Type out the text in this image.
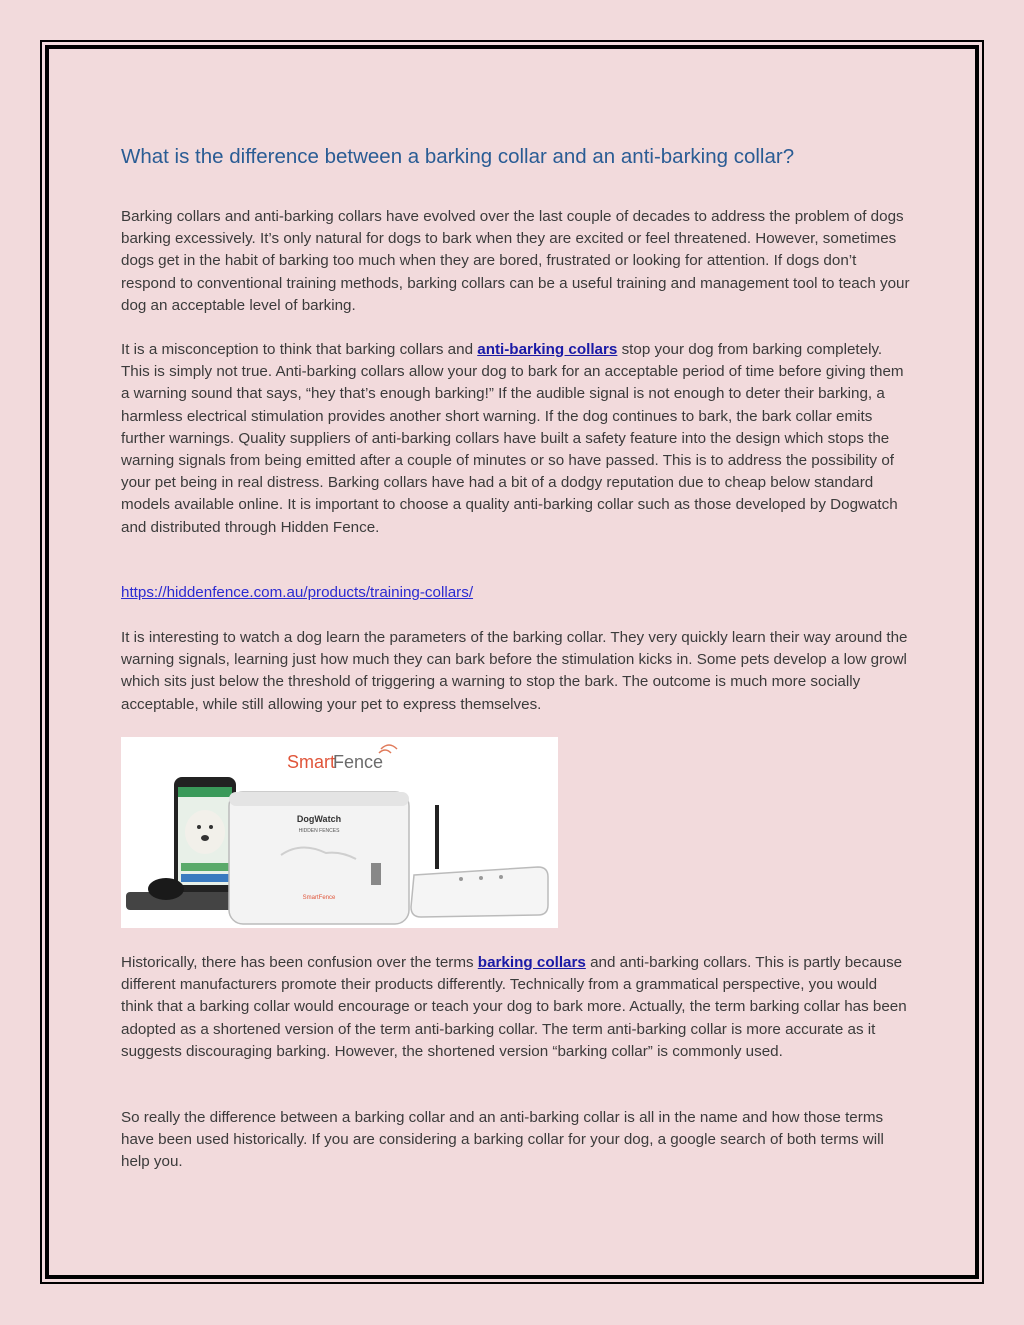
What is the difference between a barking collar and an anti-barking collar?

Barking collars and anti-barking collars have evolved over the last couple of decades to address the problem of dogs barking excessively. It’s only natural for dogs to bark when they are excited or feel threatened. However, sometimes dogs get in the habit of barking too much when they are bored, frustrated or looking for attention. If dogs don’t respond to conventional training methods, barking collars can be a useful training and management tool to teach your dog an acceptable level of barking.

It is a misconception to think that barking collars and anti-barking collars stop your dog from barking completely. This is simply not true. Anti-barking collars allow your dog to bark for an acceptable period of time before giving them a warning sound that says, “hey that’s enough barking!” If the audible signal is not enough to deter their barking, a harmless electrical stimulation provides another short warning. If the dog continues to bark, the bark collar emits further warnings. Quality suppliers of anti-barking collars have built a safety feature into the design which stops the warning signals from being emitted after a couple of minutes or so have passed. This is to address the possibility of your pet being in real distress. Barking collars have had a bit of a dodgy reputation due to cheap below standard models available online. It is important to choose a quality anti-barking collar such as those developed by Dogwatch and distributed through Hidden Fence.

https://hiddenfence.com.au/products/training-collars/

It is interesting to watch a dog learn the parameters of the barking collar. They very quickly learn their way around the warning signals, learning just how much they can bark before the stimulation kicks in. Some pets develop a low growl which sits just below the threshold of triggering a warning to stop the bark. The outcome is much more socially acceptable, while still allowing your pet to express themselves.

Smart
Fence
DogWatch
HIDDEN FENCES
SmartFence

Historically, there has been confusion over the terms barking collars and anti-barking collars. This is partly because different manufacturers promote their products differently. Technically from a grammatical perspective, you would think that a barking collar would encourage or teach your dog to bark more. Actually, the term barking collar has been adopted as a shortened version of the term anti-barking collar. The term anti-barking collar is more accurate as it suggests discouraging barking. However, the shortened version “barking collar” is commonly used.

So really the difference between a barking collar and an anti-barking collar is all in the name and how those terms have been used historically. If you are considering a barking collar for your dog, a google search of both terms will help you.
